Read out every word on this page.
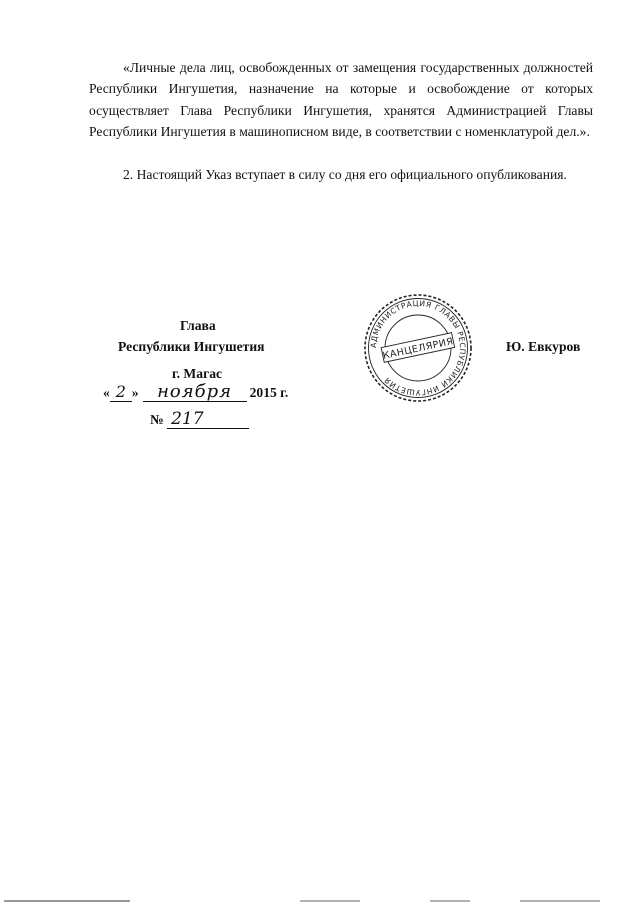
«Личные дела лиц, освобожденных от замещения государственных должностей Республики Ингушетия, назначение на которые и освобождение от которых осуществляет Глава Республики Ингушетия, хранятся Администрацией Главы Республики Ингушетия в машинописном виде, в соответствии с номенклатурой дел.».

2. Настоящий Указ вступает в силу со дня его официального опубликования.

Глава
Республики Ингушетия	Ю. Евкуров
г. Магас
« 2 » ноября 2015 г.
№ 217
АДМИНИСТРАЦИЯ ГЛАВЫ РЕСПУБЛИКИ ИНГУШЕТИЯ
КАНЦЕЛЯРИЯ
